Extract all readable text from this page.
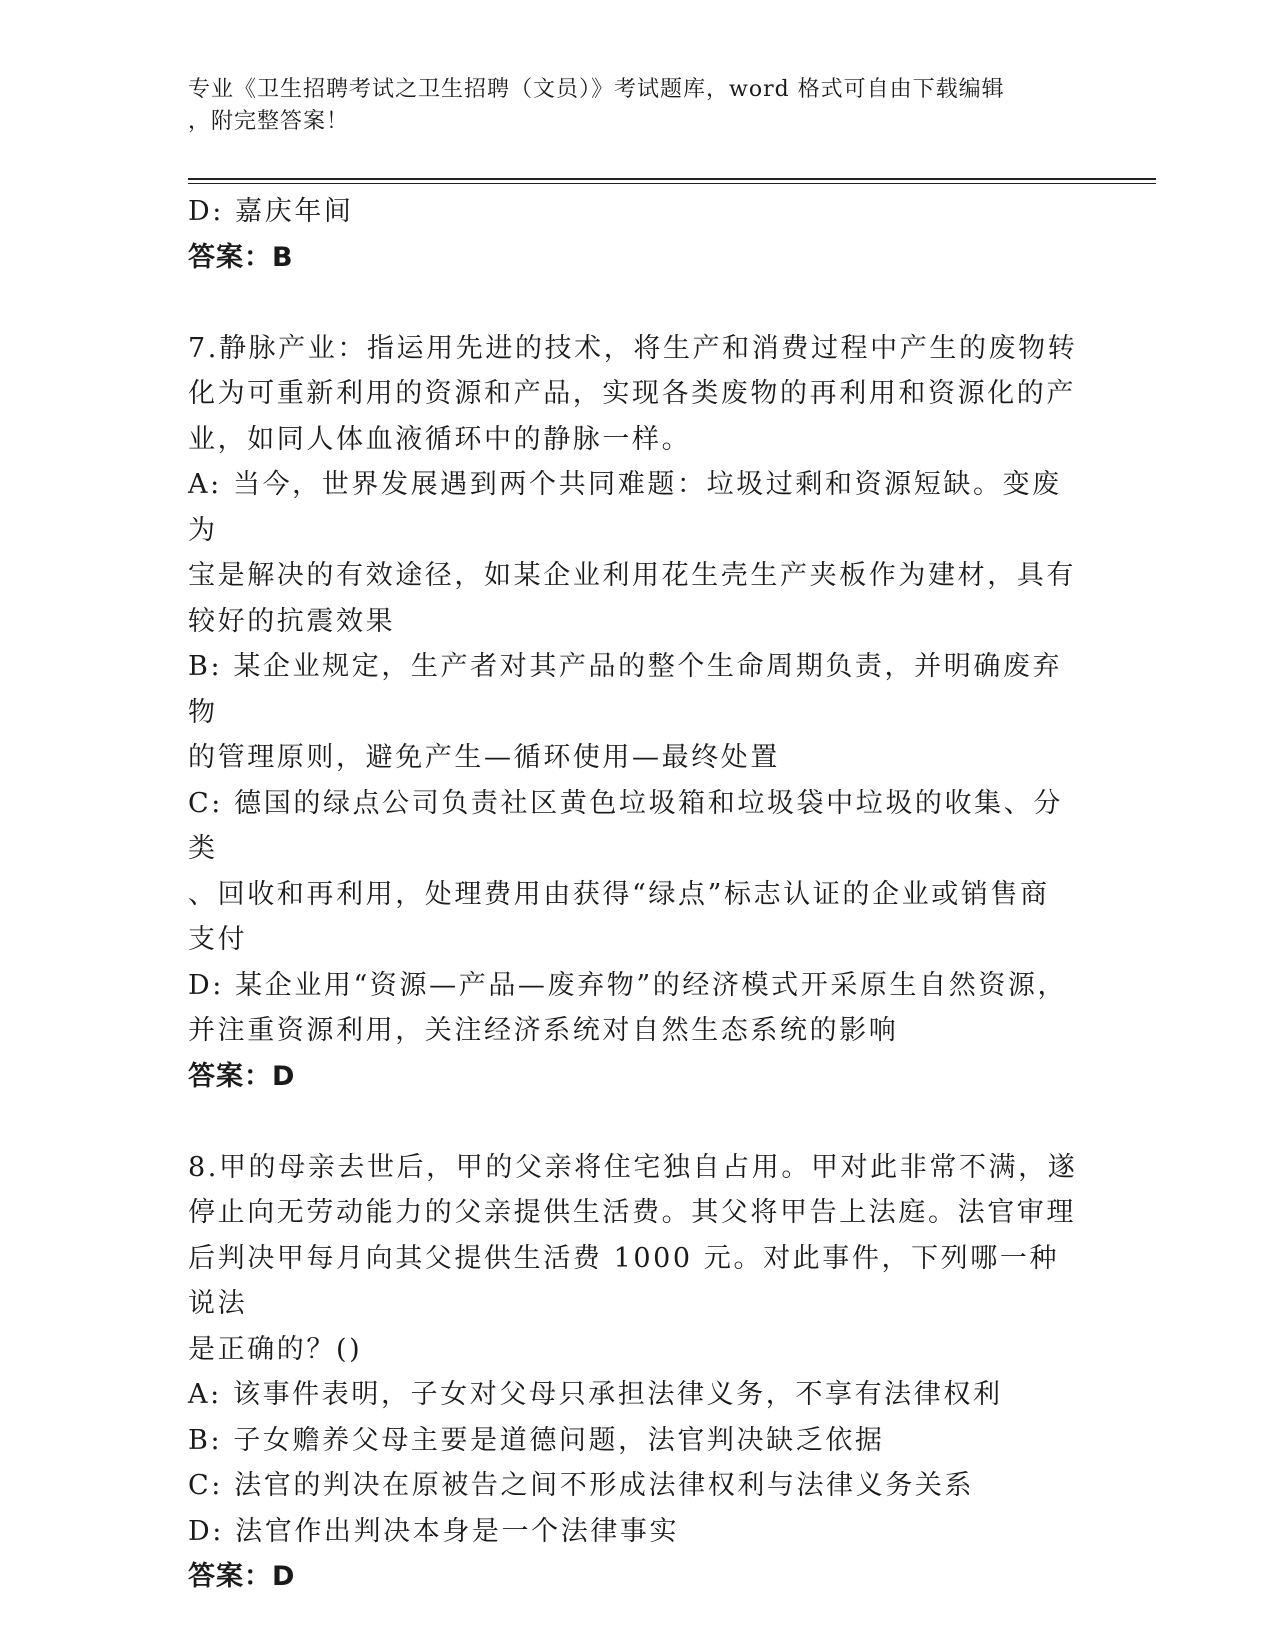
专业《卫生招聘考试之卫生招聘（文员）》考试题库，word 格式可自由下载编辑
，附完整答案！
D: 嘉庆年间
答案：B
7.静脉产业：指运用先进的技术，将生产和消费过程中产生的废物转
化为可重新利用的资源和产品，实现各类废物的再利用和资源化的产
业，如同人体血液循环中的静脉一样。
A: 当今，世界发展遇到两个共同难题：垃圾过剩和资源短缺。变废为
宝是解决的有效途径，如某企业利用花生壳生产夹板作为建材，具有
较好的抗震效果
B: 某企业规定，生产者对其产品的整个生命周期负责，并明确废弃物
的管理原则，避免产生—循环使用—最终处置
C: 德国的绿点公司负责社区黄色垃圾箱和垃圾袋中垃圾的收集、分类
、回收和再利用，处理费用由获得“绿点”标志认证的企业或销售商
支付
D: 某企业用“资源—产品—废弃物”的经济模式开采原生自然资源，
并注重资源利用，关注经济系统对自然生态系统的影响
答案：D
8.甲的母亲去世后，甲的父亲将住宅独自占用。甲对此非常不满，遂
停止向无劳动能力的父亲提供生活费。其父将甲告上法庭。法官审理
后判决甲每月向其父提供生活费 1000 元。对此事件，下列哪一种说法
是正确的？()
A: 该事件表明，子女对父母只承担法律义务，不享有法律权利
B: 子女赡养父母主要是道德问题，法官判决缺乏依据
C: 法官的判决在原被告之间不形成法律权利与法律义务关系
D: 法官作出判决本身是一个法律事实
答案：D
